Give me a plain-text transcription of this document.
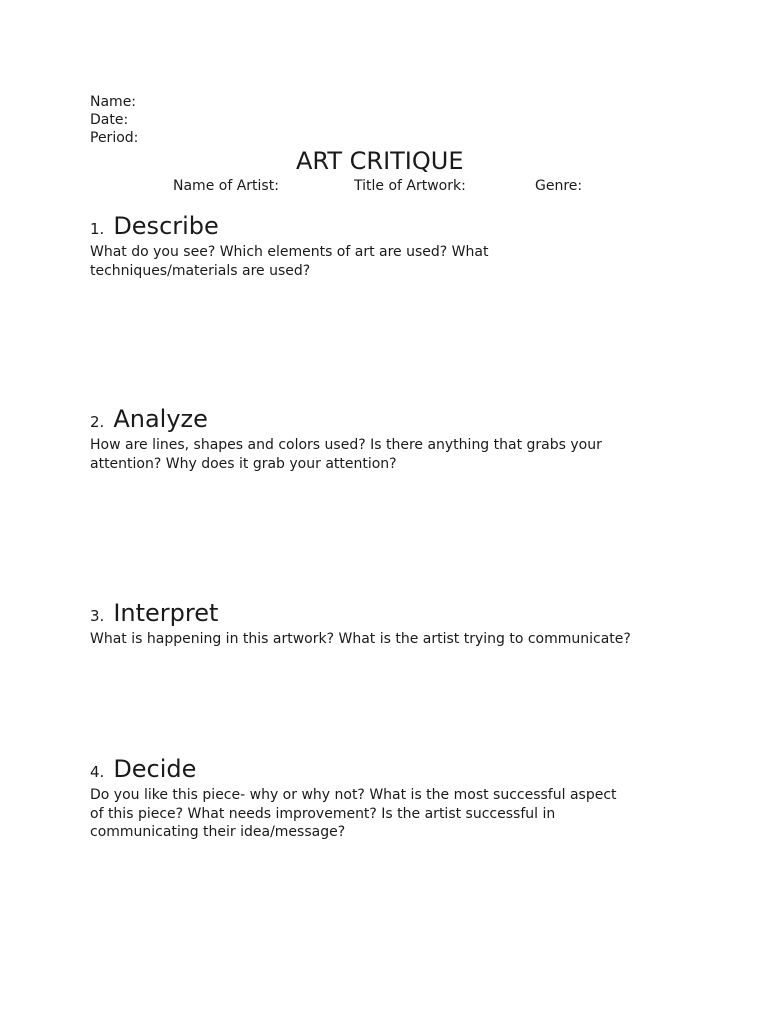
Name:
Date:
Period:
ART CRITIQUE
Name of Artist:	Title of Artwork:	Genre:
1. Describe
What do you see? Which elements of art are used? What
techniques/materials are used?
2. Analyze
How are lines, shapes and colors used? Is there anything that grabs your
attention? Why does it grab your attention?
3. Interpret
What is happening in this artwork? What is the artist trying to communicate?
4. Decide
Do you like this piece- why or why not? What is the most successful aspect
of this piece? What needs improvement? Is the artist successful in
communicating their idea/message?
